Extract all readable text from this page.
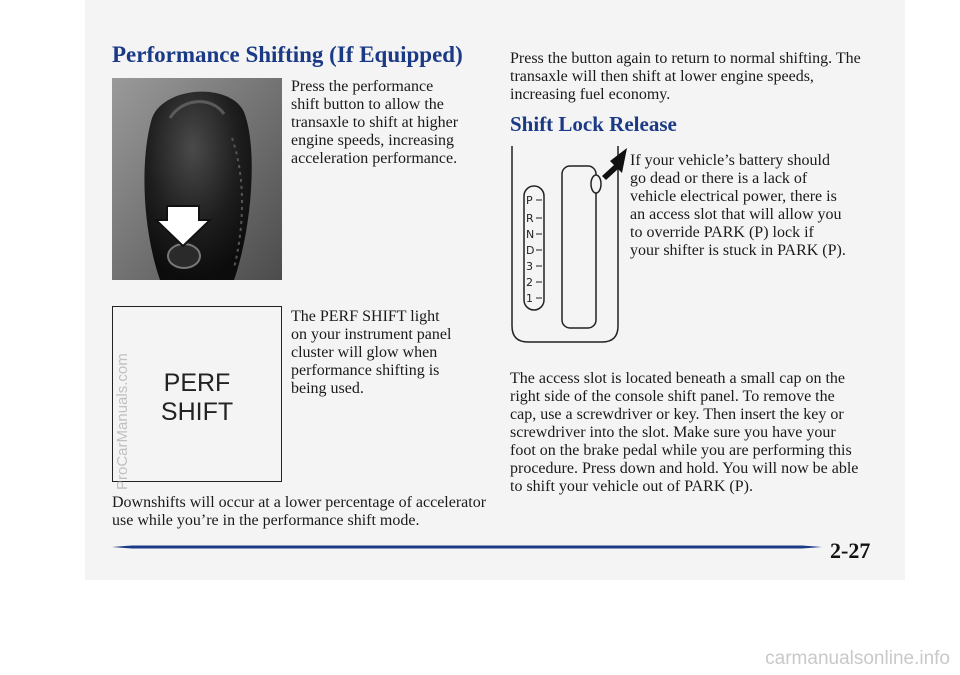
Performance Shifting (If Equipped)
Press the performance
shift button to allow the
transaxle to shift at higher
engine speeds, increasing
acceleration performance.
PERF
SHIFT
The PERF SHIFT light
on your instrument panel
cluster will glow when
performance shifting is
being used.
Downshifts will occur at a lower percentage of accelerator
use while you’re in the performance shift mode.
Press the button again to return to normal shifting. The
transaxle will then shift at lower engine speeds,
increasing fuel economy.
Shift Lock Release
P
R
N
D
3
2
1
If your vehicle’s battery should
go dead or there is a lack of
vehicle electrical power, there is
an access slot that will allow you
to override PARK (P) lock if
your shifter is stuck in PARK (P).
The access slot is located beneath a small cap on the
right side of the console shift panel. To remove the
cap, use a screwdriver or key. Then insert the key or
screwdriver into the slot. Make sure you have your
foot on the brake pedal while you are performing this
procedure. Press down and hold. You will now be able
to shift your vehicle out of PARK (P).

2-27

ProCarManuals.com

carmanualsonline.info
